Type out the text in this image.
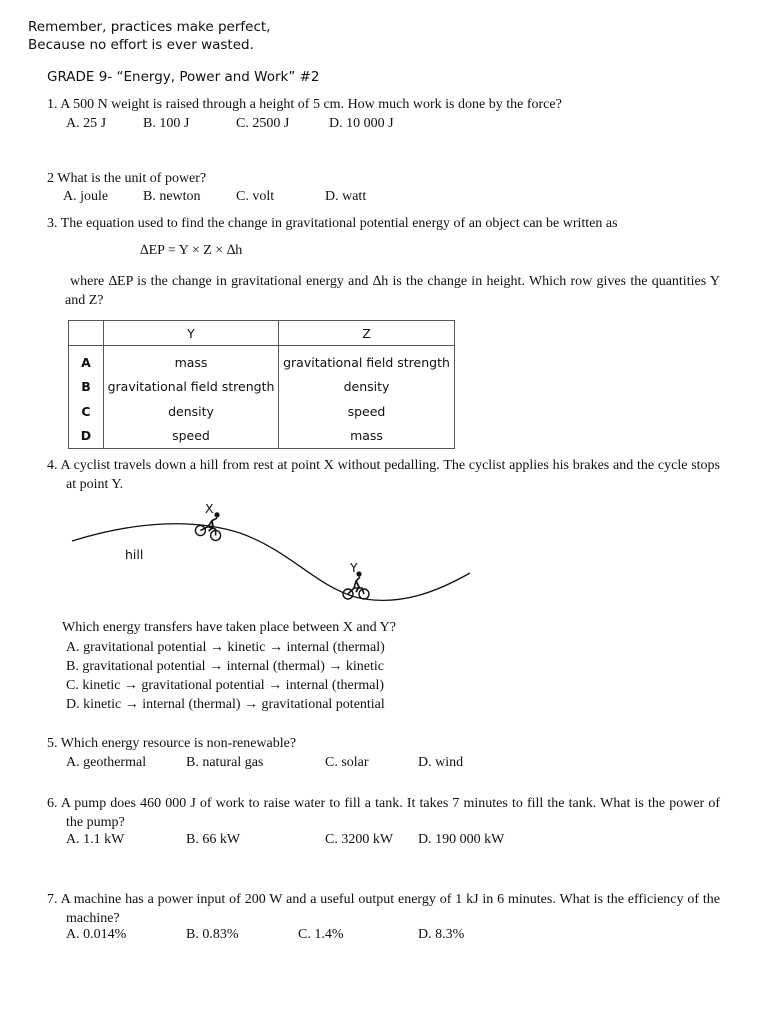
Remember, practices make perfect,
Because no effort is ever wasted.
GRADE 9- “Energy, Power and Work” #2
1. A 500 N weight is raised through a height of 5 cm. How much work is done by the force?
A. 25 J	B. 100 J	C. 2500 J	D. 10 000 J
2 What is the unit of power?
A. joule B. newton	C. volt	D. watt
3. The equation used to find the change in gravitational potential energy of an object can be written as
∆EP = Y × Z × ∆h
where ∆EP is the change in gravitational energy and ∆h is the change in height. Which row gives the quantities Y and Z?
	Y	Z
A	mass	gravitational field strength
B	gravitational field strength	density
C	density	speed
D	speed	mass
4. A cyclist travels down a hill from rest at point X without pedalling. The cyclist applies his brakes and the cycle stops at point Y.
X
Y
hill
Which energy transfers have taken place between X and Y?
A. gravitational potential → kinetic → internal (thermal)
B. gravitational potential → internal (thermal) → kinetic
C. kinetic → gravitational potential → internal (thermal)
D. kinetic → internal (thermal) → gravitational potential
5. Which energy resource is non-renewable?
A. geothermal	B. natural gas	C. solar	D. wind
6. A pump does 460 000 J of work to raise water to fill a tank. It takes 7 minutes to fill the tank. What is the power of the pump?
A. 1.1 kW	B. 66 kW	C. 3200 kW D. 190 000 kW
7. A machine has a power input of 200 W and a useful output energy of 1 kJ in 6 minutes. What is the efficiency of the machine?
A. 0.014%	B. 0.83%	C. 1.4%	D. 8.3%
